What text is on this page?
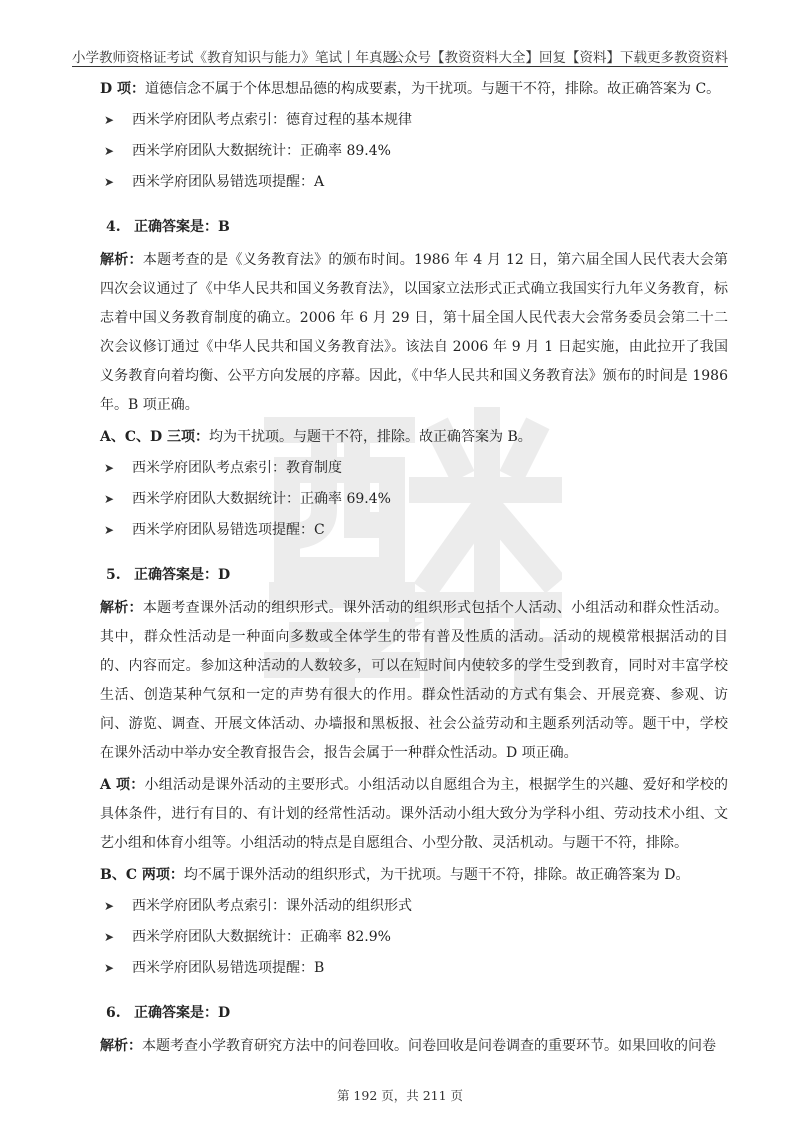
小学教师资格证考试《教育知识与能力》笔试丨年真题
公众号【教资资料大全】回复【资料】下载更多教资资料

D 项：道德信念不属于个体思想品德的构成要素，为干扰项。与题干不符，排除。故正确答案为 C。

➤ 西米学府团队考点索引：德育过程的基本规律
➤ 西米学府团队大数据统计：正确率 89.4%
➤ 西米学府团队易错选项提醒：A
4. 正确答案是：B

解析：本题考查的是《义务教育法》的颁布时间。1986 年 4 月 12 日，第六届全国人民代表大会第四次会议通过了《中华人民共和国义务教育法》，以国家立法形式正式确立我国实行九年义务教育，标志着中国义务教育制度的确立。2006 年 6 月 29 日，第十届全国人民代表大会常务委员会第二十二次会议修订通过《中华人民共和国义务教育法》。该法自 2006 年 9 月 1 日起实施，由此拉开了我国义务教育向着均衡、公平方向发展的序幕。因此，《中华人民共和国义务教育法》颁布的时间是 1986 年。B 项正确。

A、C、D 三项：均为干扰项。与题干不符，排除。故正确答案为 B。

➤ 西米学府团队考点索引：教育制度
➤ 西米学府团队大数据统计：正确率 69.4%
➤ 西米学府团队易错选项提醒：C
5. 正确答案是：D

解析：本题考查课外活动的组织形式。课外活动的组织形式包括个人活动、小组活动和群众性活动。其中，群众性活动是一种面向多数或全体学生的带有普及性质的活动。活动的规模常根据活动的目的、内容而定。参加这种活动的人数较多，可以在短时间内使较多的学生受到教育，同时对丰富学校生活、创造某种气氛和一定的声势有很大的作用。群众性活动的方式有集会、开展竞赛、参观、访问、游览、调查、开展文体活动、办墙报和黑板报、社会公益劳动和主题系列活动等。题干中，学校在课外活动中举办安全教育报告会，报告会属于一种群众性活动。D 项正确。

A 项：小组活动是课外活动的主要形式。小组活动以自愿组合为主，根据学生的兴趣、爱好和学校的具体条件，进行有目的、有计划的经常性活动。课外活动小组大致分为学科小组、劳动技术小组、文艺小组和体育小组等。小组活动的特点是自愿组合、小型分散、灵活机动。与题干不符，排除。

B、C 两项：均不属于课外活动的组织形式，为干扰项。与题干不符，排除。故正确答案为 D。

➤ 西米学府团队考点索引：课外活动的组织形式
➤ 西米学府团队大数据统计：正确率 82.9%
➤ 西米学府团队易错选项提醒：B
6. 正确答案是：D

解析：本题考查小学教育研究方法中的问卷回收。问卷回收是问卷调查的重要环节。如果回收的问卷

第 192 页，共 211 页
